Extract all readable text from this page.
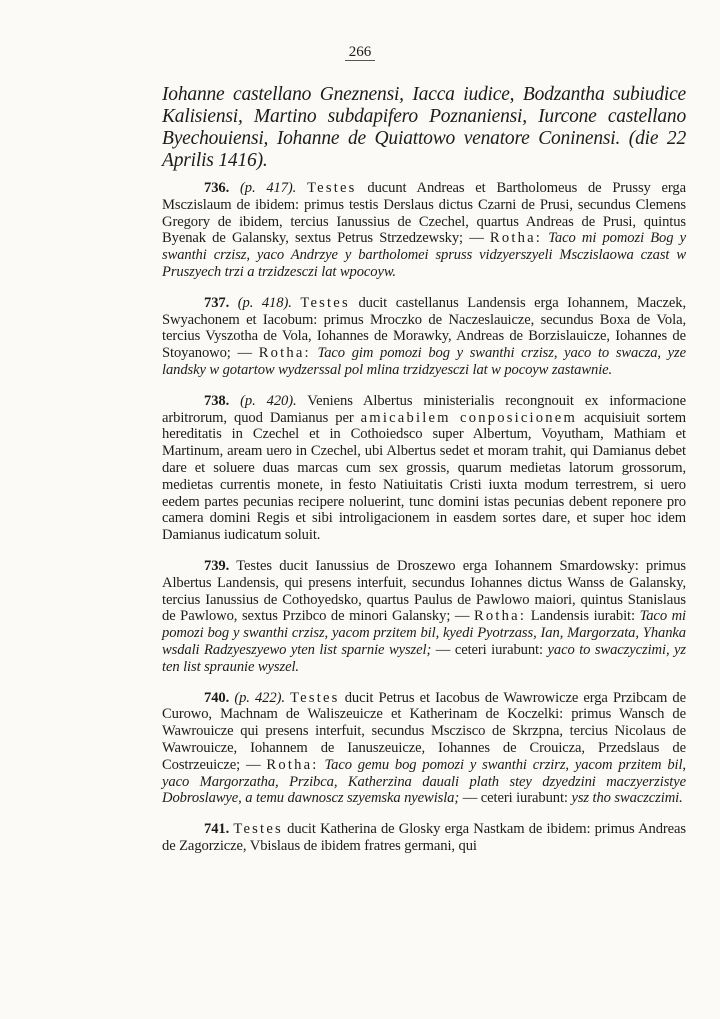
266
Iohanne castellano Gneznensi, Iacca iudice, Bodzantha subiudice Kalisiensi, Martino subdapifero Poznaniensi, Iurcone castellano Byechouiensi, Iohanne de Quiattowo venatore Coninensi. (die 22 Aprilis 1416).

736. (p. 417). Testes ducunt Andreas et Bartholomeus de Prussy erga Msczislaum de ibidem: primus testis Derslaus dictus Czarni de Prusi, secundus Clemens Gregory de ibidem, tercius Ianussius de Czechel, quartus Andreas de Prusi, quintus Byenak de Galansky, sextus Petrus Strzedzewsky; — Rotha: Taco mi pomozi Bog y swanthi crzisz, yaco Andrzye y bartholomei spruss vidzyerszyeli Msczislaowa czast w Pruszyech trzi a trzidzesczi lat wpocoyw.

737. (p. 418). Testes ducit castellanus Landensis erga Iohannem, Maczek, Swyachonem et Iacobum: primus Mroczko de Naczeslauicze, secundus Boxa de Vola, tercius Vyszotha de Vola, Iohannes de Morawky, Andreas de Borzislauicze, Iohannes de Stoyanowo; — Rotha: Taco gim pomozi bog y swanthi crzisz, yaco to swacza, yze landsky w gotartow wydzerssal pol mlina trzidzyesczi lat w pocoyw zastawnie.

738. (p. 420). Veniens Albertus ministerialis recongnouit ex informacione arbitrorum, quod Damianus per amicabilem conposicionem acquisiuit sortem hereditatis in Czechel et in Cothoiedsco super Albertum, Voyutham, Mathiam et Martinum, aream uero in Czechel, ubi Albertus sedet et moram trahit, qui Damianus debet dare et soluere duas marcas cum sex grossis, quarum medietas latorum grossorum, medietas currentis monete, in festo Natiuitatis Cristi iuxta modum terrestrem, si uero eedem partes pecunias recipere noluerint, tunc domini istas pecunias debent reponere pro camera domini Regis et sibi introligacionem in easdem sortes dare, et super hoc idem Damianus iudicatum soluit.

739. Testes ducit Ianussius de Droszewo erga Iohannem Smardowsky: primus Albertus Landensis, qui presens interfuit, secundus Iohannes dictus Wanss de Galansky, tercius Ianussius de Cothoyedsko, quartus Paulus de Pawlowo maiori, quintus Stanislaus de Pawlowo, sextus Przibco de minori Galansky; — Rotha: Landensis iurabit: Taco mi pomozi bog y swanthi crzisz, yacom przitem bil, kyedi Pyotrzass, Ian, Margorzata, Yhanka wsdali Radzyeszyewo yten list sparnie wyszel; — ceteri iurabunt: yaco to swaczyczimi, yz ten list spraunie wyszel.

740. (p. 422). Testes ducit Petrus et Iacobus de Wawrowicze erga Przibcam de Curowo, Machnam de Waliszeuicze et Katherinam de Koczelki: primus Wansch de Wawrouicze qui presens interfuit, secundus Msczisco de Skrzpna, tercius Nicolaus de Wawrouicze, Iohannem de Ianuszeuicze, Iohannes de Crouicza, Przedslaus de Costrzeuicze; — Rotha: Taco gemu bog pomozi y swanthi crzirz, yacom przitem bil, yaco Margorzatha, Przibca, Katherzina dauali plath stey dzyedzini maczyerzistye Dobroslawye, a temu dawnoscz szyemska nyewisla; — ceteri iurabunt: ysz tho swaczczimi.

741. Testes ducit Katherina de Glosky erga Nastkam de ibidem: primus Andreas de Zagorzicze, Vbislaus de ibidem fratres germani, qui
